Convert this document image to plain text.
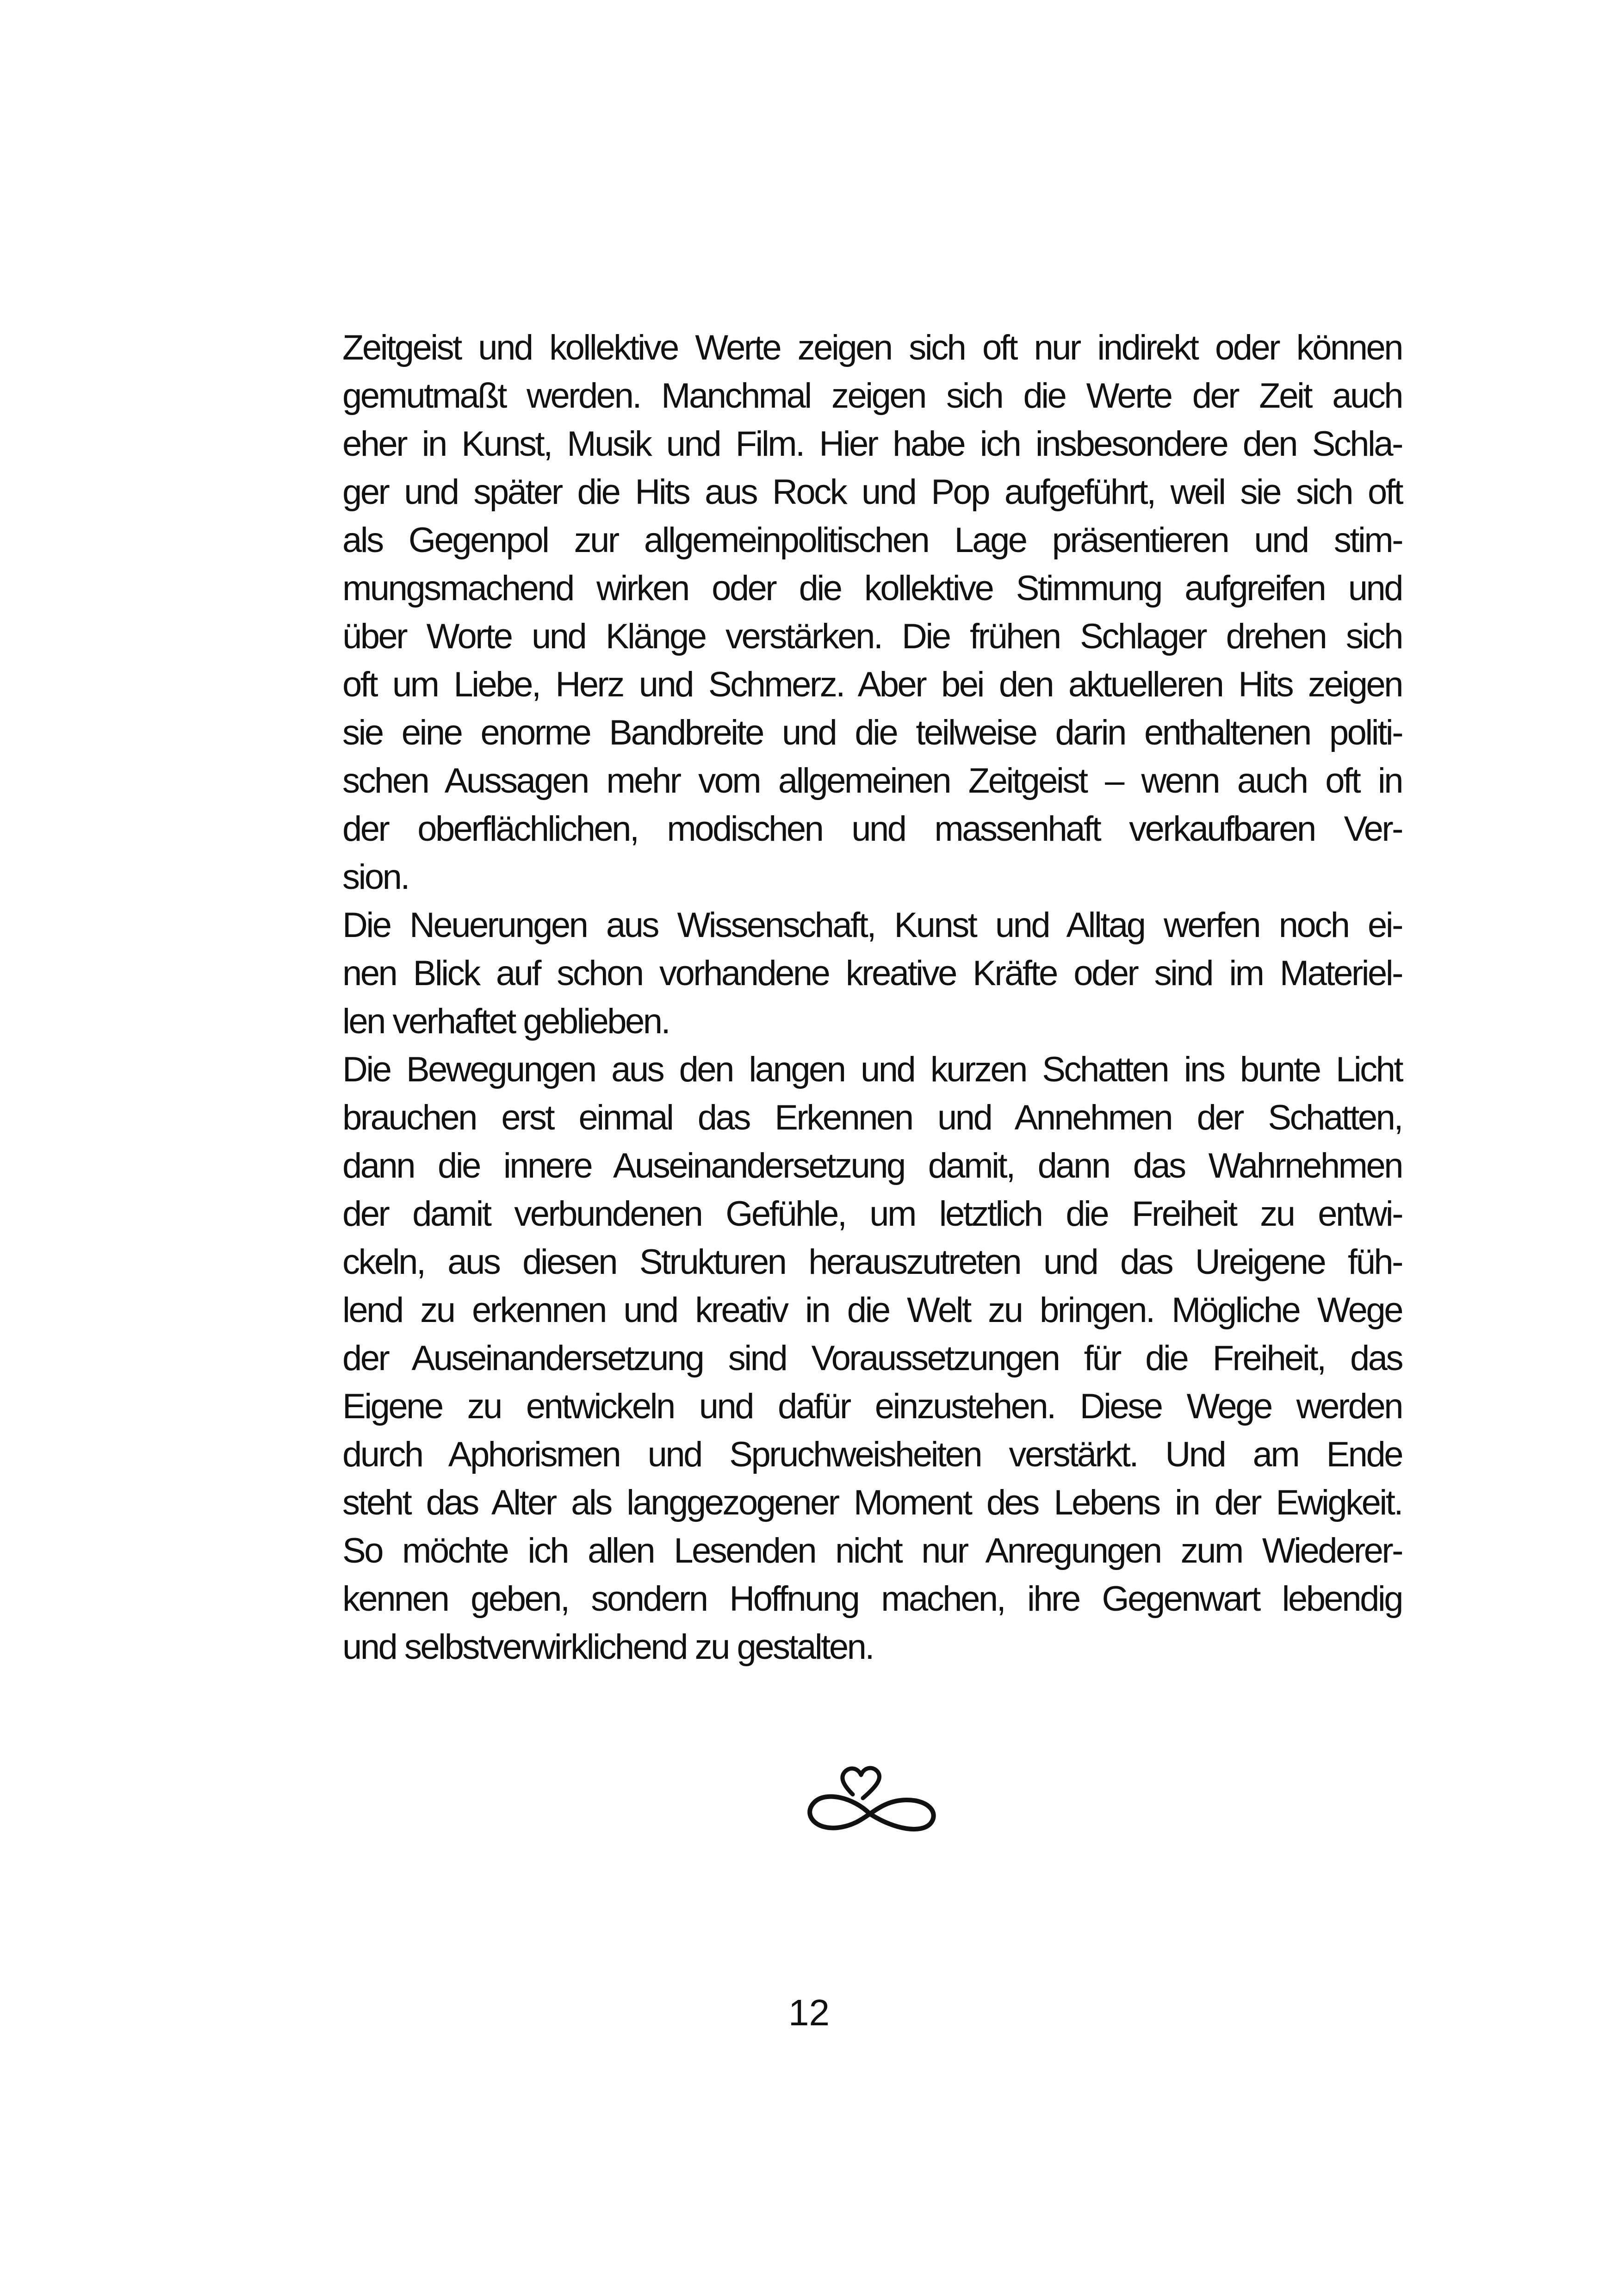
Zeitgeist und kollektive Werte zeigen sich oft nur indirekt oder können
gemutmaßt werden. Manchmal zeigen sich die Werte der Zeit auch
eher in Kunst, Musik und Film. Hier habe ich insbesondere den Schla-
ger und später die Hits aus Rock und Pop aufgeführt, weil sie sich oft
als Gegenpol zur allgemeinpolitischen Lage präsentieren und stim-
mungsmachend wirken oder die kollektive Stimmung aufgreifen und
über Worte und Klänge verstärken. Die frühen Schlager drehen sich
oft um Liebe, Herz und Schmerz. Aber bei den aktuelleren Hits zeigen
sie eine enorme Bandbreite und die teilweise darin enthaltenen politi-
schen Aussagen mehr vom allgemeinen Zeitgeist – wenn auch oft in
der oberflächlichen, modischen und massenhaft verkaufbaren Ver-
sion.
Die Neuerungen aus Wissenschaft, Kunst und Alltag werfen noch ei-
nen Blick auf schon vorhandene kreative Kräfte oder sind im Materiel-
len verhaftet geblieben.
Die Bewegungen aus den langen und kurzen Schatten ins bunte Licht
brauchen erst einmal das Erkennen und Annehmen der Schatten,
dann die innere Auseinandersetzung damit, dann das Wahrnehmen
der damit verbundenen Gefühle, um letztlich die Freiheit zu entwi-
ckeln, aus diesen Strukturen herauszutreten und das Ureigene füh-
lend zu erkennen und kreativ in die Welt zu bringen. Mögliche Wege
der Auseinandersetzung sind Voraussetzungen für die Freiheit, das
Eigene zu entwickeln und dafür einzustehen. Diese Wege werden
durch Aphorismen und Spruchweisheiten verstärkt. Und am Ende
steht das Alter als langgezogener Moment des Lebens in der Ewigkeit.
So möchte ich allen Lesenden nicht nur Anregungen zum Wiederer-
kennen geben, sondern Hoffnung machen, ihre Gegenwart lebendig
und selbstverwirklichend zu gestalten.
12
